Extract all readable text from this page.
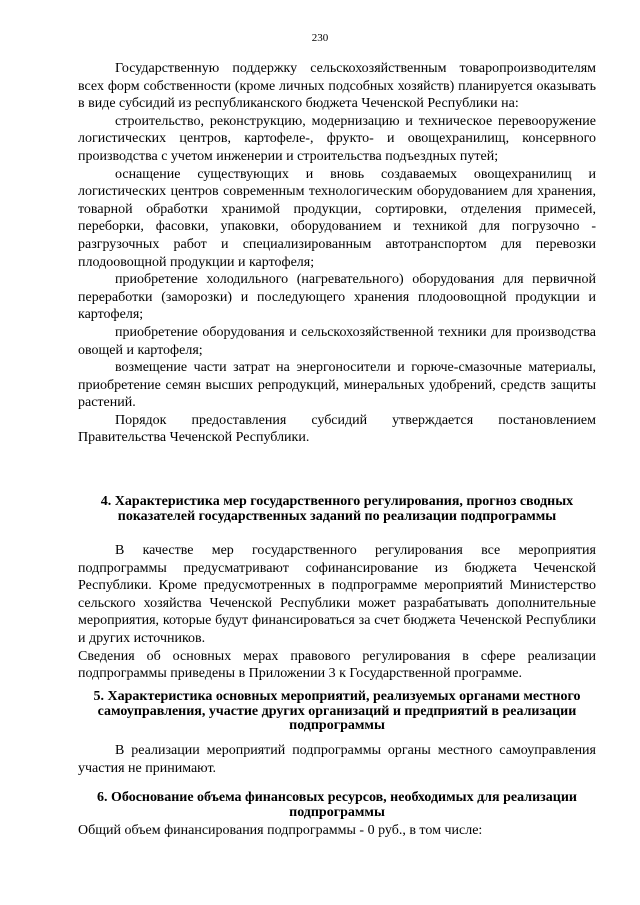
230

Государственную поддержку сельскохозяйственным товаропроизводителям всех форм собственности (кроме личных подсобных хозяйств) планируется оказывать в виде субсидий из республиканского бюджета Чеченской Республики на:

строительство, реконструкцию, модернизацию и техническое перевооружение логистических центров, картофеле-, фрукто- и овощехранилищ, консервного производства с учетом инженерии и строительства подъездных путей;

оснащение существующих и вновь создаваемых овощехранилищ и логистических центров современным технологическим оборудованием для хранения, товарной обработки хранимой продукции, сортировки, отделения примесей, переборки, фасовки, упаковки, оборудованием и техникой для погрузочно - разгрузочных работ и специализированным автотранспортом для перевозки плодоовощной продукции и картофеля;

приобретение холодильного (нагревательного) оборудования для первичной переработки (заморозки) и последующего хранения плодоовощной продукции и картофеля;

приобретение оборудования и сельскохозяйственной техники для производства овощей и картофеля;

возмещение части затрат на энергоносители и горюче-смазочные материалы, приобретение семян высших репродукций, минеральных удобрений, средств защиты растений.

Порядок предоставления субсидий утверждается постановлением Правительства Чеченской Республики.

4. Характеристика мер государственного регулирования, прогноз сводных показателей государственных заданий по реализации подпрограммы

В качестве мер государственного регулирования все мероприятия подпрограммы предусматривают софинансирование из бюджета Чеченской Республики. Кроме предусмотренных в подпрограмме мероприятий Министерство сельского хозяйства Чеченской Республики может разрабатывать дополнительные мероприятия, которые будут финансироваться за счет бюджета Чеченской Республики и других источников.

Сведения об основных мерах правового регулирования в сфере реализации подпрограммы приведены в Приложении 3 к Государственной программе.

5. Характеристика основных мероприятий, реализуемых органами местного самоуправления, участие других организаций и предприятий в реализации подпрограммы

В реализации мероприятий подпрограммы органы местного самоуправления участия не принимают.

6. Обоснование объема финансовых ресурсов, необходимых для реализации подпрограммы

Общий объем финансирования подпрограммы - 0 руб., в том числе:
